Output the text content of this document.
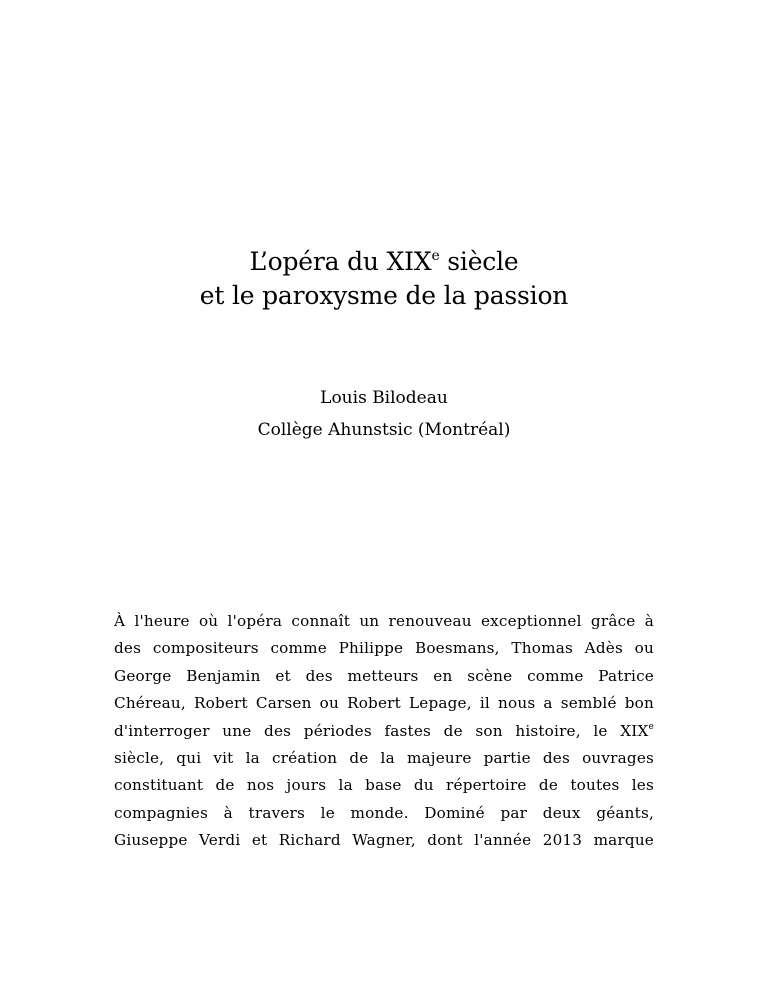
L’opéra du XIXe siècle
et le paroxysme de la passion
Louis Bilodeau
Collège Ahunstsic (Montréal)
À l'heure où l'opéra connaît un renouveau exceptionnel grâce à
des compositeurs comme Philippe Boesmans, Thomas Adès ou
George Benjamin et des metteurs en scène comme Patrice
Chéreau, Robert Carsen ou Robert Lepage, il nous a semblé bon
d'interroger une des périodes fastes de son histoire, le XIXe
siècle, qui vit la création de la majeure partie des ouvrages
constituant de nos jours la base du répertoire de toutes les
compagnies à travers le monde. Dominé par deux géants,
Giuseppe Verdi et Richard Wagner, dont l'année 2013 marque
